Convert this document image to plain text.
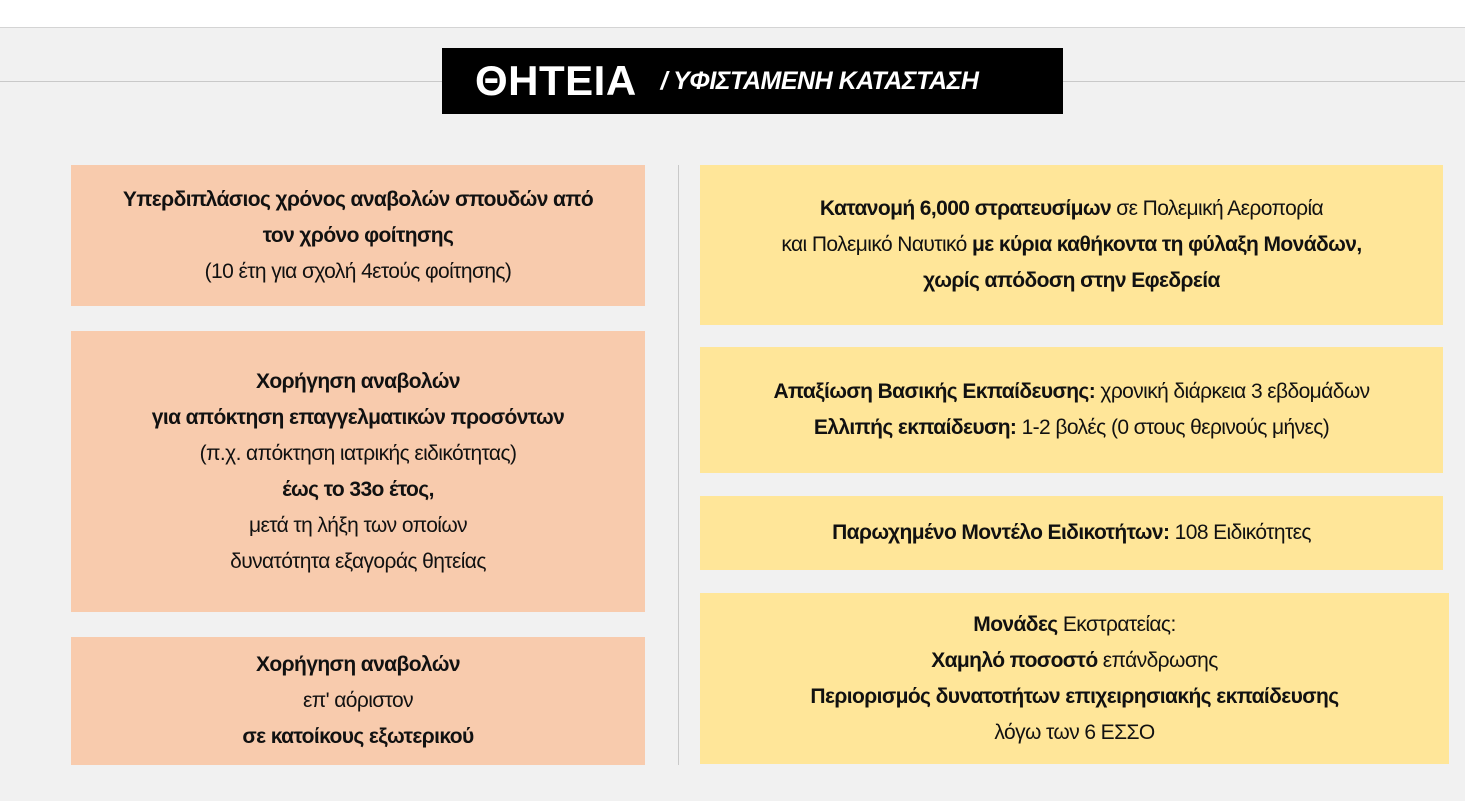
ΘΗΤΕΙΑ / ΥΦΙΣΤΑΜΕΝΗ ΚΑΤΑΣΤΑΣΗ
Υπερδιπλάσιος χρόνος αναβολών σπουδών από
τον χρόνο φοίτησης
(10 έτη για σχολή 4ετούς φοίτησης)
Χορήγηση αναβολών
για απόκτηση επαγγελματικών προσόντων
(π.χ. απόκτηση ιατρικής ειδικότητας)
έως το 33ο έτος,
μετά τη λήξη των οποίων
δυνατότητα εξαγοράς θητείας
Χορήγηση αναβολών
επ' αόριστον
σε κατοίκους εξωτερικού
Κατανομή 6,000 στρατευσίμων σε Πολεμική Αεροπορία
και Πολεμικό Ναυτικό με κύρια καθήκοντα τη φύλαξη Μονάδων,
χωρίς απόδοση στην Εφεδρεία
Απαξίωση Βασικής Εκπαίδευσης: χρονική διάρκεια 3 εβδομάδων
Ελλιπής εκπαίδευση: 1-2 βολές (0 στους θερινούς μήνες)
Παρωχημένο Μοντέλο Ειδικοτήτων: 108 Ειδικότητες
Μονάδες Εκστρατείας:
Χαμηλό ποσοστό επάνδρωσης
Περιορισμός δυνατοτήτων επιχειρησιακής εκπαίδευσης
λόγω των 6 ΕΣΣΟ
